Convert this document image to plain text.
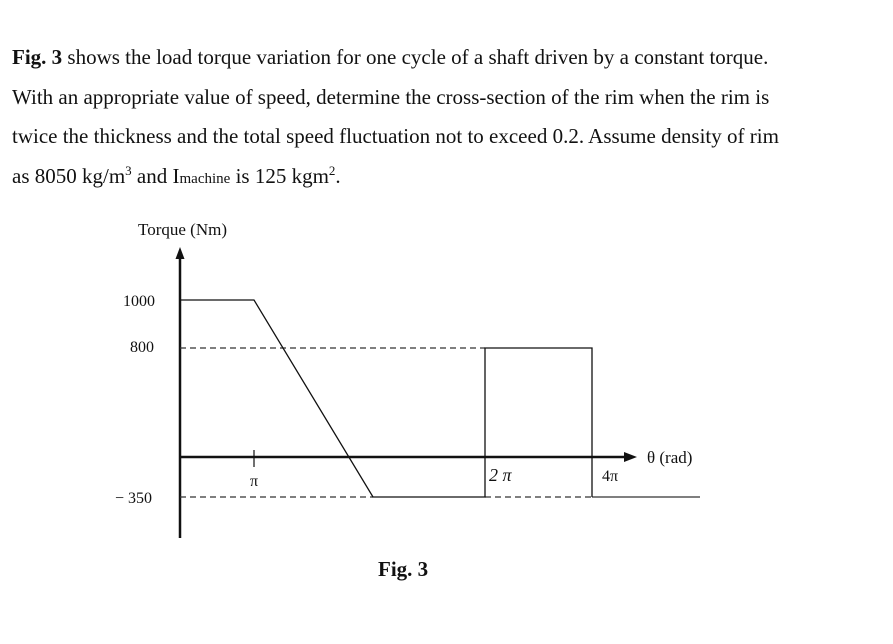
Fig. 3 shows the load torque variation for one cycle of a shaft driven by a constant torque.
With an appropriate value of speed, determine the cross-section of the rim when the rim is
twice the thickness and the total speed fluctuation not to exceed 0.2. Assume density of rim
as 8050 $kg/m^3$ and Imachine is 125 kgm$^2$.

Torque (Nm)
1000
800
− 350
π	2 π	4π
θ (rad)
Fig. 3
